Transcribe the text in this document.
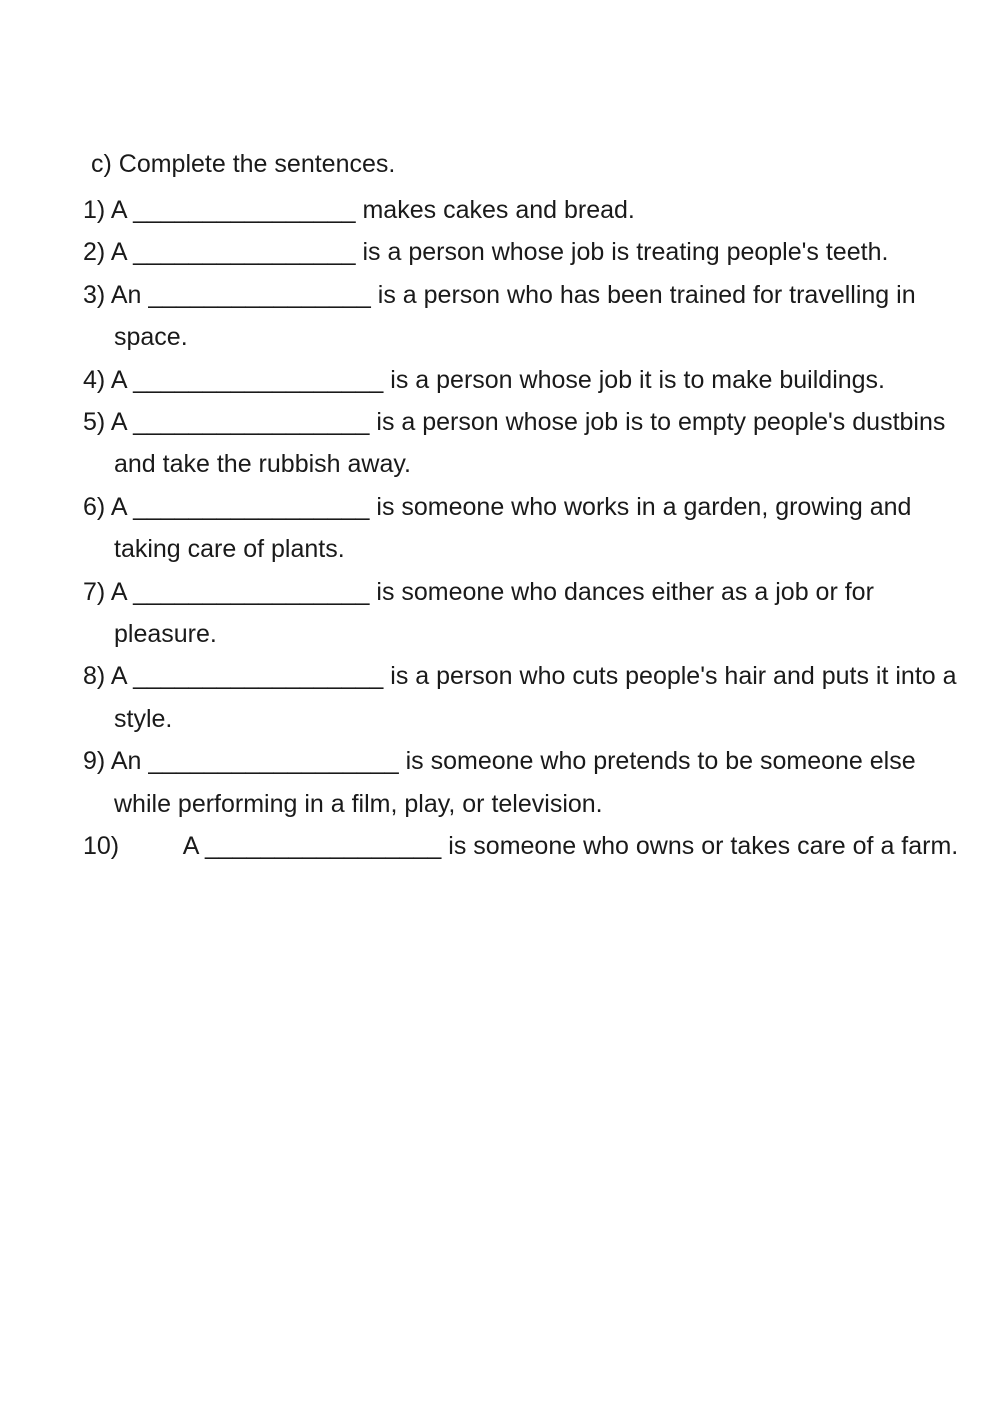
c) Complete the sentences.
1) A ________________ makes cakes and bread.
2) A ________________ is a person whose job is treating people's teeth.
3) An ________________ is a person who has been trained for travelling in space.
4) A __________________ is a person whose job it is to make buildings.
5) A _________________ is a person whose job is to empty people's dustbins and take the rubbish away.
6) A _________________ is someone who works in a garden, growing and taking care of plants.
7) A _________________ is someone who dances either as a job or for pleasure.
8) A __________________ is a person who cuts people's hair and puts it into a style.
9) An __________________ is someone who pretends to be someone else while performing in a film, play, or television.
10)	A _________________ is someone who owns or takes care of a farm.
